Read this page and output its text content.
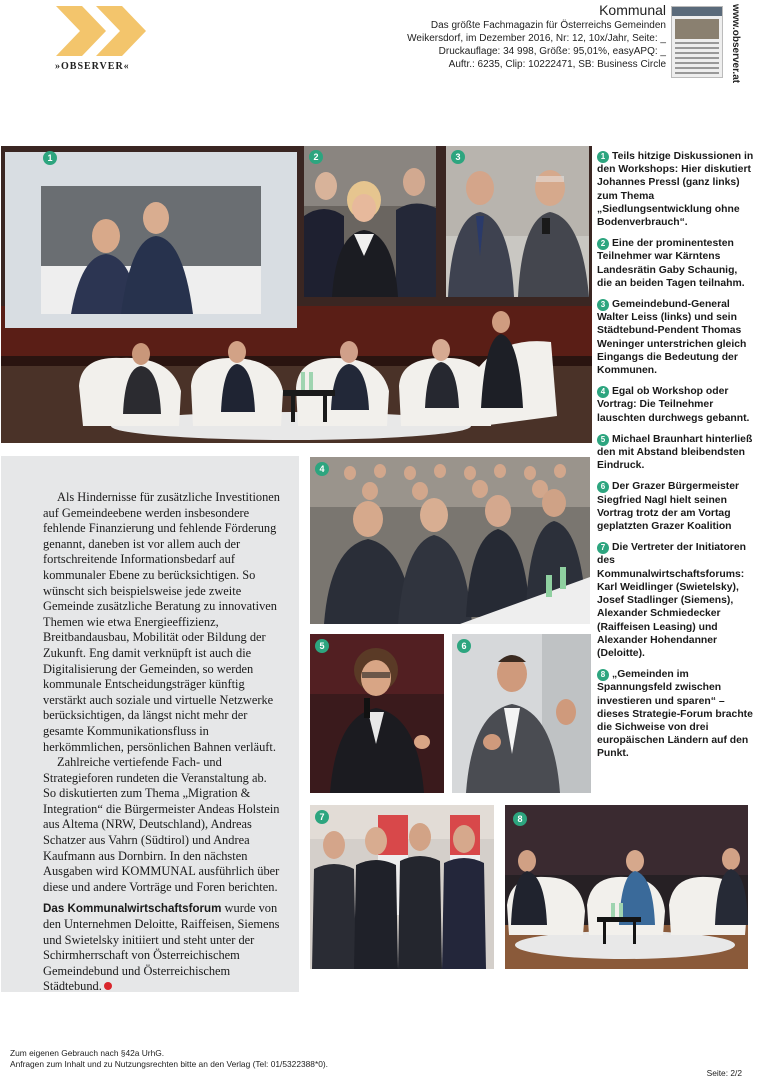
»OBSERVER«
Kommunal
Das größte Fachmagazin für Österreichs Gemeinden
Weikersdorf, im Dezember 2016, Nr: 12, 10x/Jahr, Seite: _
Druckauflage: 34 998, Größe: 95,01%, easyAPQ: _
Auftr.: 6235, Clip: 10222471, SB: Business Circle	www.observer.at
1	2	3
4
5	6
7	8
1 Teils hitzige Diskussionen in den Workshops: Hier diskutiert Johannes Pressl (ganz links) zum Thema „Siedlungsentwicklung ohne Bodenverbrauch“.
2 Eine der prominentesten Teilnehmer war Kärntens Landesrätin Gaby Schaunig, die an beiden Tagen teilnahm.
3 Gemeindebund-General Walter Leiss (links) und sein Städtebund-Pendent Thomas Weninger unterstrichen gleich Eingangs die Bedeutung der Kommunen.
4 Egal ob Workshop oder Vortrag: Die Teilnehmer lauschten durchwegs gebannt.
5 Michael Braunhart hinterließ den mit Abstand bleibendsten Eindruck.
6 Der Grazer Bürgermeister Siegfried Nagl hielt seinen Vortrag trotz der am Vortag geplatzten Grazer Koalition
7 Die Vertreter der Initiatoren des Kommunalwirtschaftsforums: Karl Weidlinger (Swietelsky), Josef Stadlinger (Siemens), Alexander Schmiedecker (Raiffeisen Leasing) und Alexander Hohendanner (Deloitte).
8 „Gemeinden im Spannungsfeld zwischen investieren und sparen“ – dieses Strategie-Forum brachte die Sichweise von drei europäischen Ländern auf den Punkt.

Als Hindernisse für zusätzliche Investitionen auf Gemeindeebene werden insbesondere fehlende Finanzierung und fehlende Förderung genannt, daneben ist vor allem auch der fortschreitende Informationsbedarf auf kommunaler Ebene zu berücksichtigen. So wünscht sich beispielsweise jede zweite Gemeinde zusätzliche Beratung zu innovativen Themen wie etwa Energieeffizienz, Breitbandausbau, Mobilität oder Bildung der Zukunft. Eng damit verknüpft ist auch die Digitalisierung der Gemeinden, so werden kommunale Entscheidungsträger künftig verstärkt auch soziale und virtuelle Netzwerke berücksichtigen, da längst nicht mehr der gesamte Kommunikationsfluss in herkömmlichen, persönlichen Bahnen verläuft.

Zahlreiche vertiefende Fach- und Strategieforen rundeten die Veranstaltung ab. So diskutierten zum Thema „Migration & Integration“ die Bürgermeister Andeas Holstein aus Altema (NRW, Deutschland), Andreas Schatzer aus Vahrn (Südtirol) und Andrea Kaufmann aus Dornbirn. In den nächsten Ausgaben wird KOMMUNAL ausführlich über diese und andere Vorträge und Foren berichten.

Das Kommunalwirtschaftsforum wurde von den Unternehmen Deloitte, Raiffeisen, Siemens und Swietelsky initiiert und steht unter der Schirmherrschaft von Österreichischem Gemeindebund und Österreichischem Städtebund.

Zum eigenen Gebrauch nach §42a UrhG.
Anfragen zum Inhalt und zu Nutzungsrechten bitte an den Verlag (Tel: 01/5322388*0).
Seite: 2/2
